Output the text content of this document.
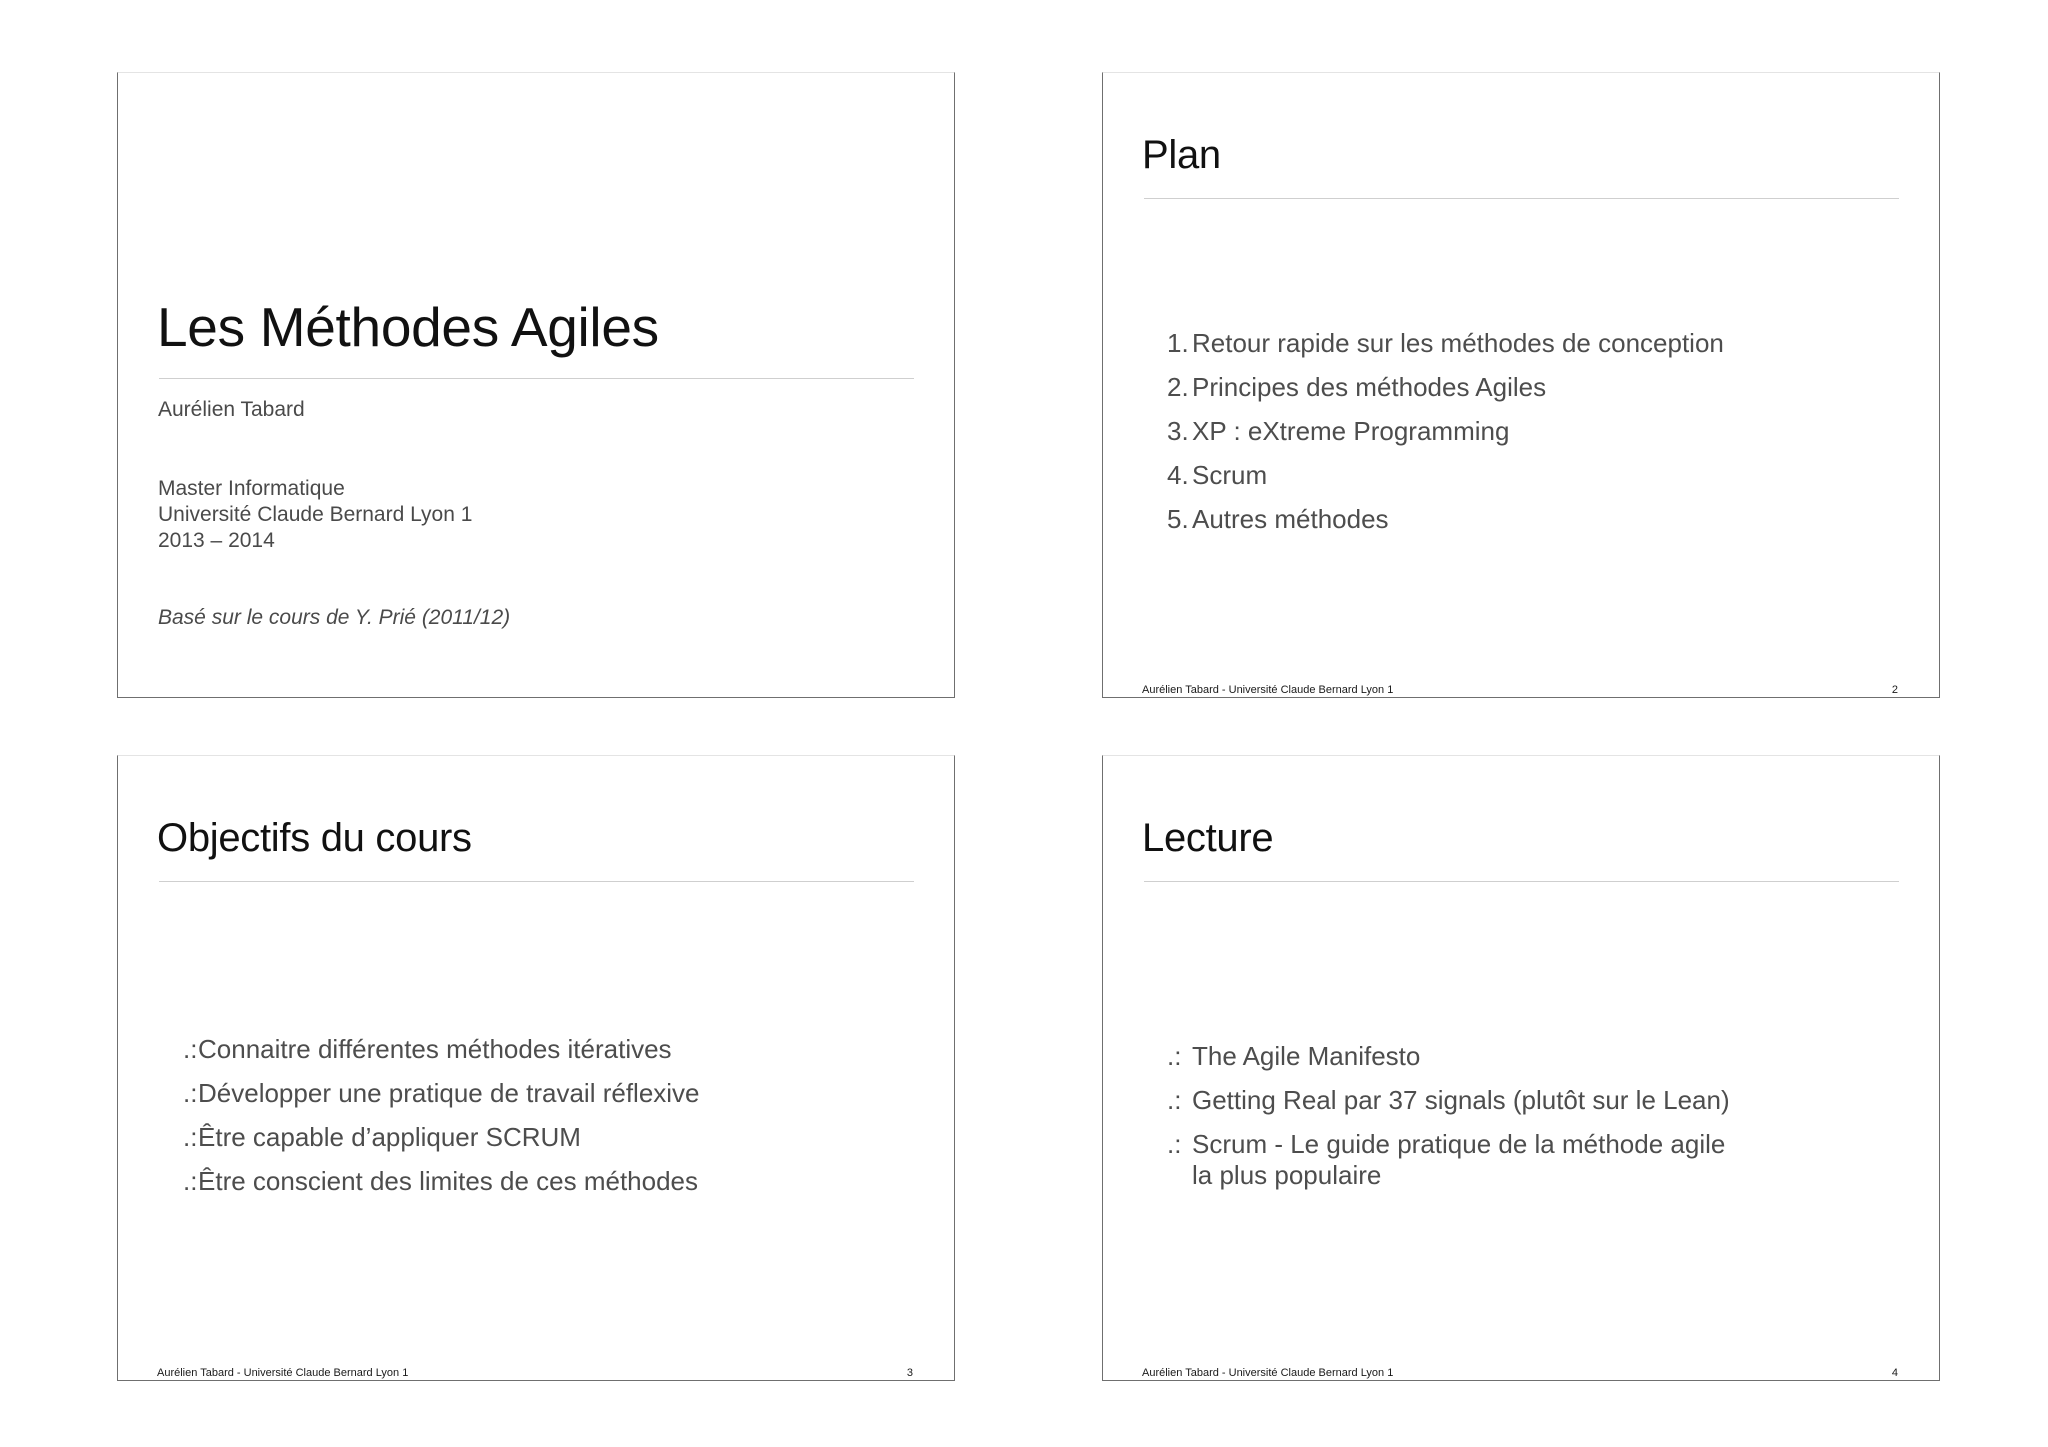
Les Méthodes Agiles
Aurélien Tabard
Master Informatique
Université Claude Bernard Lyon 1
2013 – 2014
Basé sur le cours de Y. Prié (2011/12)
Plan
1. Retour rapide sur les méthodes de conception
2. Principes des méthodes Agiles
3. XP : eXtreme Programming
4. Scrum
5. Autres méthodes
Aurélien Tabard - Université Claude Bernard Lyon 1	2
Objectifs du cours
.: Connaitre différentes méthodes itératives
.: Développer une pratique de travail réflexive
.: Être capable d’appliquer SCRUM
.: Être conscient des limites de ces méthodes
Aurélien Tabard - Université Claude Bernard Lyon 1	3
Lecture
.: The Agile Manifesto
.: Getting Real par 37 signals (plutôt sur le Lean)
.: Scrum - Le guide pratique de la méthode agile la plus populaire
Aurélien Tabard - Université Claude Bernard Lyon 1	4
